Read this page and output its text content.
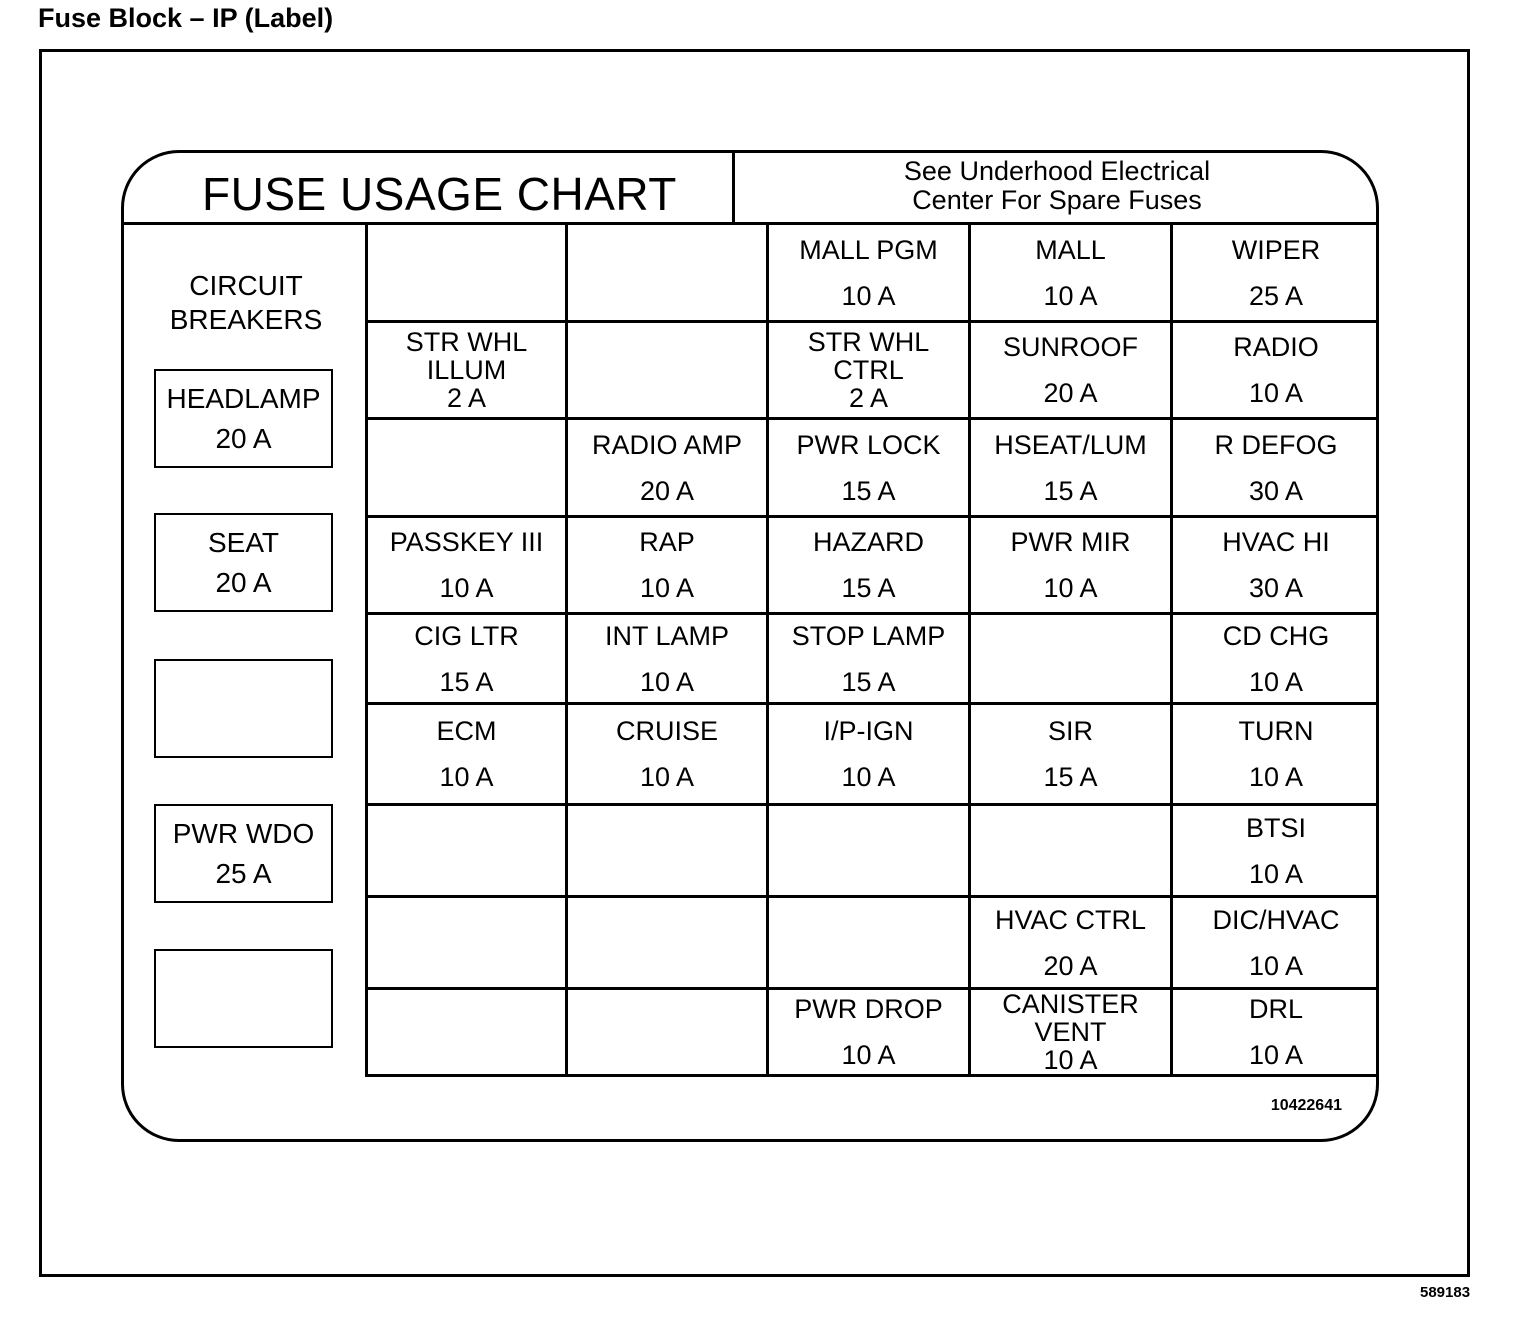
Fuse Block – IP (Label)
FUSE USAGE CHART	See Underhood Electrical
Center For Spare Fuses
CIRCUIT
BREAKERS
HEADLAMP
20 A
SEAT
20 A
PWR WDO
25 A
MALL PGM
10 A
MALL
10 A
WIPER
25 A
STR WHL
ILLUM
2 A
STR WHL
CTRL
2 A
SUNROOF
20 A
RADIO
10 A
RADIO AMP
20 A
PWR LOCK
15 A
HSEAT/LUM
15 A
R DEFOG
30 A
PASSKEY III
10 A
RAP
10 A
HAZARD
15 A
PWR MIR
10 A
HVAC HI
30 A
CIG LTR
15 A
INT LAMP
10 A
STOP LAMP
15 A
CD CHG
10 A
ECM
10 A
CRUISE
10 A
I/P-IGN
10 A
SIR
15 A
TURN
10 A
BTSI
10 A
HVAC CTRL
20 A
DIC/HVAC
10 A
PWR DROP
10 A
CANISTER
VENT
10 A
DRL
10 A
10422641
589183
